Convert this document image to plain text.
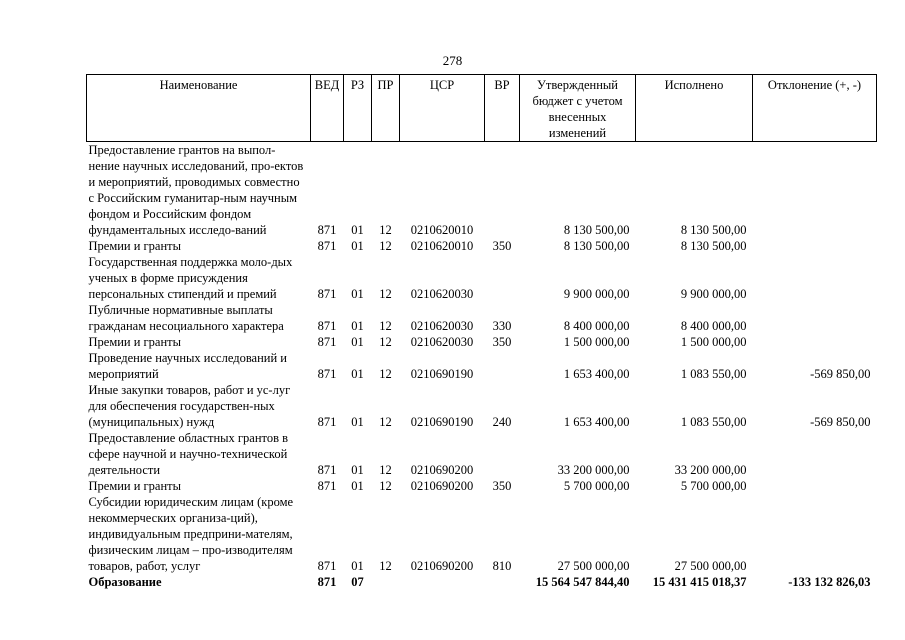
278
Наименование	ВЕД	РЗ	ПР	ЦСР	ВР	Утвержденный бюджет с учетом внесенных изменений	Исполнено	Отклонение (+, -)
Предоставление грантов на выпол-нение научных исследований, про-ектов и мероприятий, проводимых совместно с Российским гуманитар-ным научным фондом и Российским фондом фундаментальных исследо-ваний	871	01	12	0210620010		8 130 500,00	8 130 500,00	
Премии и гранты	871	01	12	0210620010	350	8 130 500,00	8 130 500,00	
Государственная поддержка моло-дых ученых в форме присуждения персональных стипендий и премий	871	01	12	0210620030		9 900 000,00	9 900 000,00	
Публичные нормативные выплаты гражданам несоциального характера	871	01	12	0210620030	330	8 400 000,00	8 400 000,00	
Премии и гранты	871	01	12	0210620030	350	1 500 000,00	1 500 000,00	
Проведение научных исследований и мероприятий	871	01	12	0210690190		1 653 400,00	1 083 550,00	-569 850,00
Иные закупки товаров, работ и ус-луг для обеспечения государствен-ных (муниципальных) нужд	871	01	12	0210690190	240	1 653 400,00	1 083 550,00	-569 850,00
Предоставление областных грантов в сфере научной и научно-технической деятельности	871	01	12	0210690200		33 200 000,00	33 200 000,00	
Премии и гранты	871	01	12	0210690200	350	5 700 000,00	5 700 000,00	
Субсидии юридическим лицам (кроме некоммерческих организа-ций), индивидуальным предприни-мателям, физическим лицам – про-изводителям товаров, работ, услуг	871	01	12	0210690200	810	27 500 000,00	27 500 000,00	
Образование	871	07				15 564 547 844,40	15 431 415 018,37	-133 132 826,03
